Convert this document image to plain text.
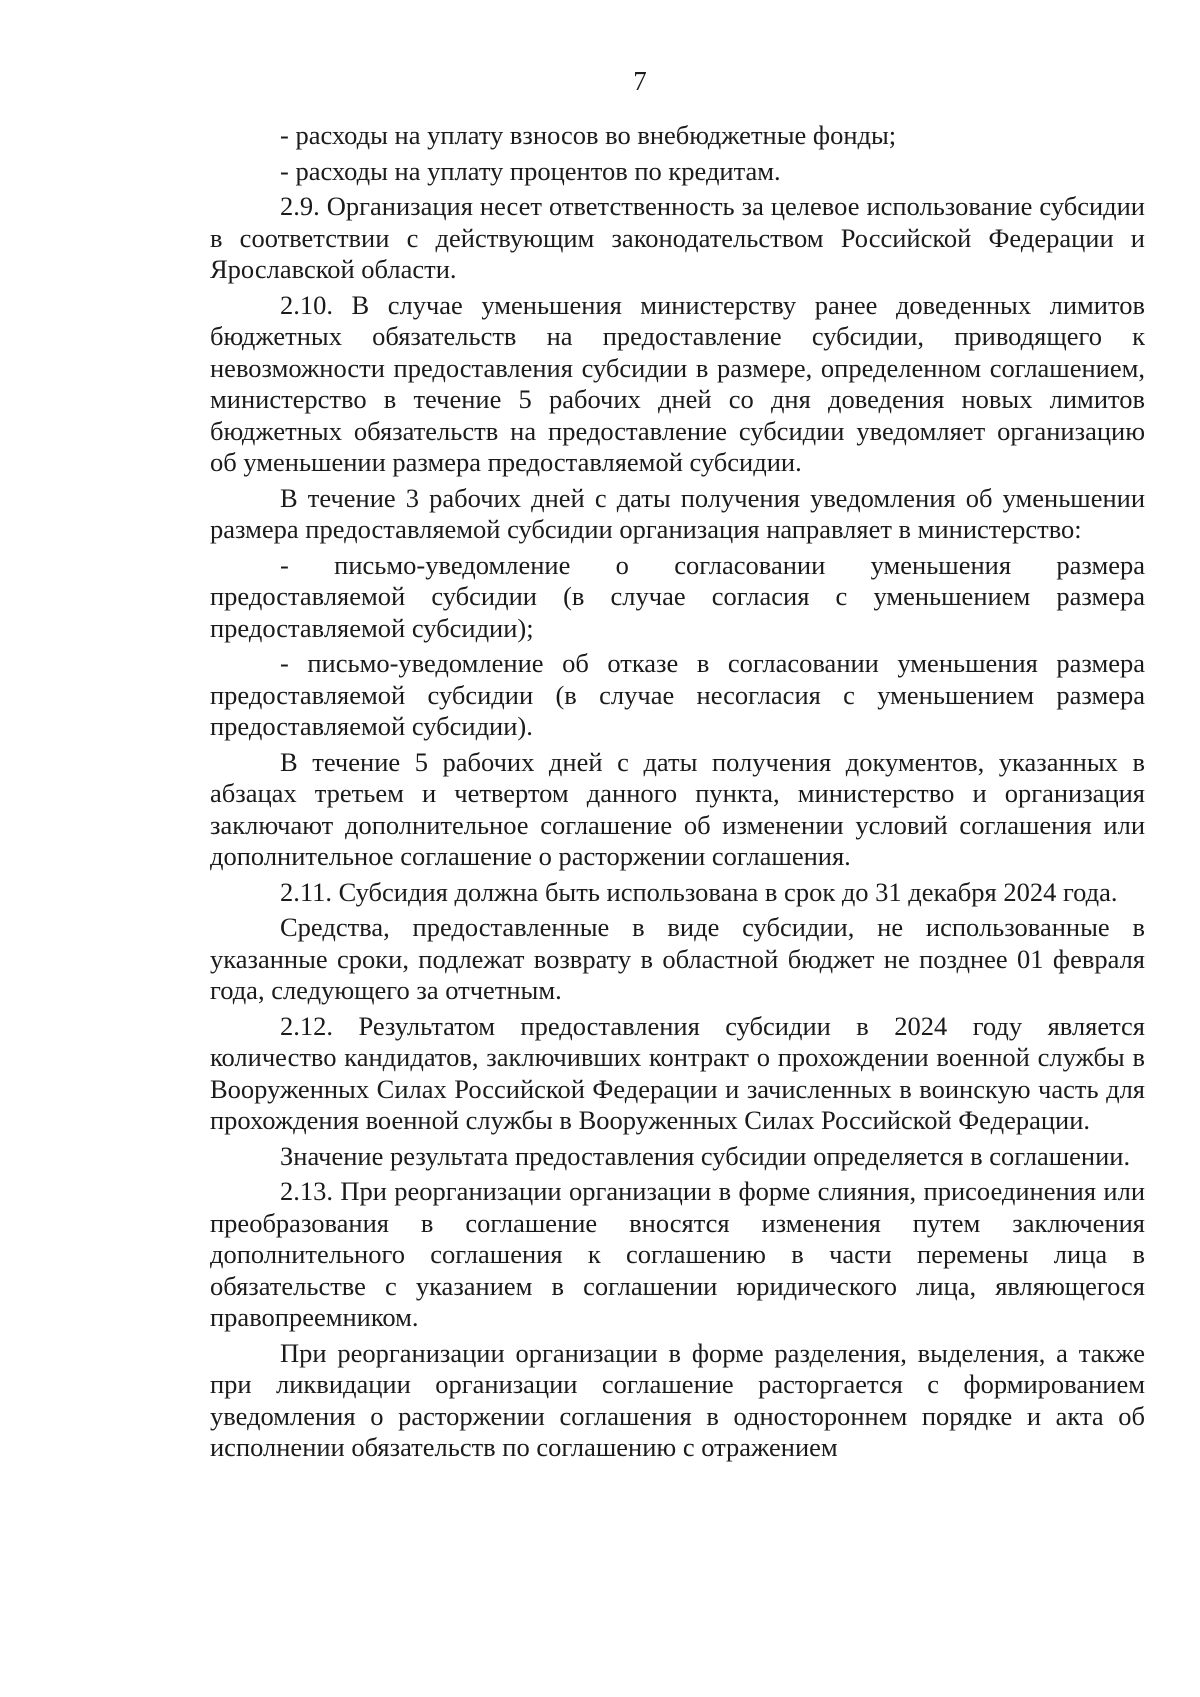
7

- расходы на уплату взносов во внебюджетные фонды;

- расходы на уплату процентов по кредитам.

2.9. Организация несет ответственность за целевое использование субсидии в соответствии с действующим законодательством Российской Федерации и Ярославской области.

2.10. В случае уменьшения министерству ранее доведенных лимитов бюджетных обязательств на предоставление субсидии, приводящего к невозможности предоставления субсидии в размере, определенном соглашением, министерство в течение 5 рабочих дней со дня доведения новых лимитов бюджетных обязательств на предоставление субсидии уведомляет организацию об уменьшении размера предоставляемой субсидии.

В течение 3 рабочих дней с даты получения уведомления об уменьшении размера предоставляемой субсидии организация направляет в министерство:

- письмо-уведомление о согласовании уменьшения размера предоставляемой субсидии (в случае согласия с уменьшением размера предоставляемой субсидии);

- письмо-уведомление об отказе в согласовании уменьшения размера предоставляемой субсидии (в случае несогласия с уменьшением размера предоставляемой субсидии).

В течение 5 рабочих дней с даты получения документов, указанных в абзацах третьем и четвертом данного пункта, министерство и организация заключают дополнительное соглашение об изменении условий соглашения или дополнительное соглашение о расторжении соглашения.

2.11. Субсидия должна быть использована в срок до 31 декабря 2024 года.

Средства, предоставленные в виде субсидии, не использованные в указанные сроки, подлежат возврату в областной бюджет не позднее 01 февраля года, следующего за отчетным.

2.12. Результатом предоставления субсидии в 2024 году является количество кандидатов, заключивших контракт о прохождении военной службы в Вооруженных Силах Российской Федерации и зачисленных в воинскую часть для прохождения военной службы в Вооруженных Силах Российской Федерации.

Значение результата предоставления субсидии определяется в соглашении.

2.13. При реорганизации организации в форме слияния, присоединения или преобразования в соглашение вносятся изменения путем заключения дополнительного соглашения к соглашению в части перемены лица в обязательстве с указанием в соглашении юридического лица, являющегося правопреемником.

При реорганизации организации в форме разделения, выделения, а также при ликвидации организации соглашение расторгается с формированием уведомления о расторжении соглашения в одностороннем порядке и акта об исполнении обязательств по соглашению с отражением
